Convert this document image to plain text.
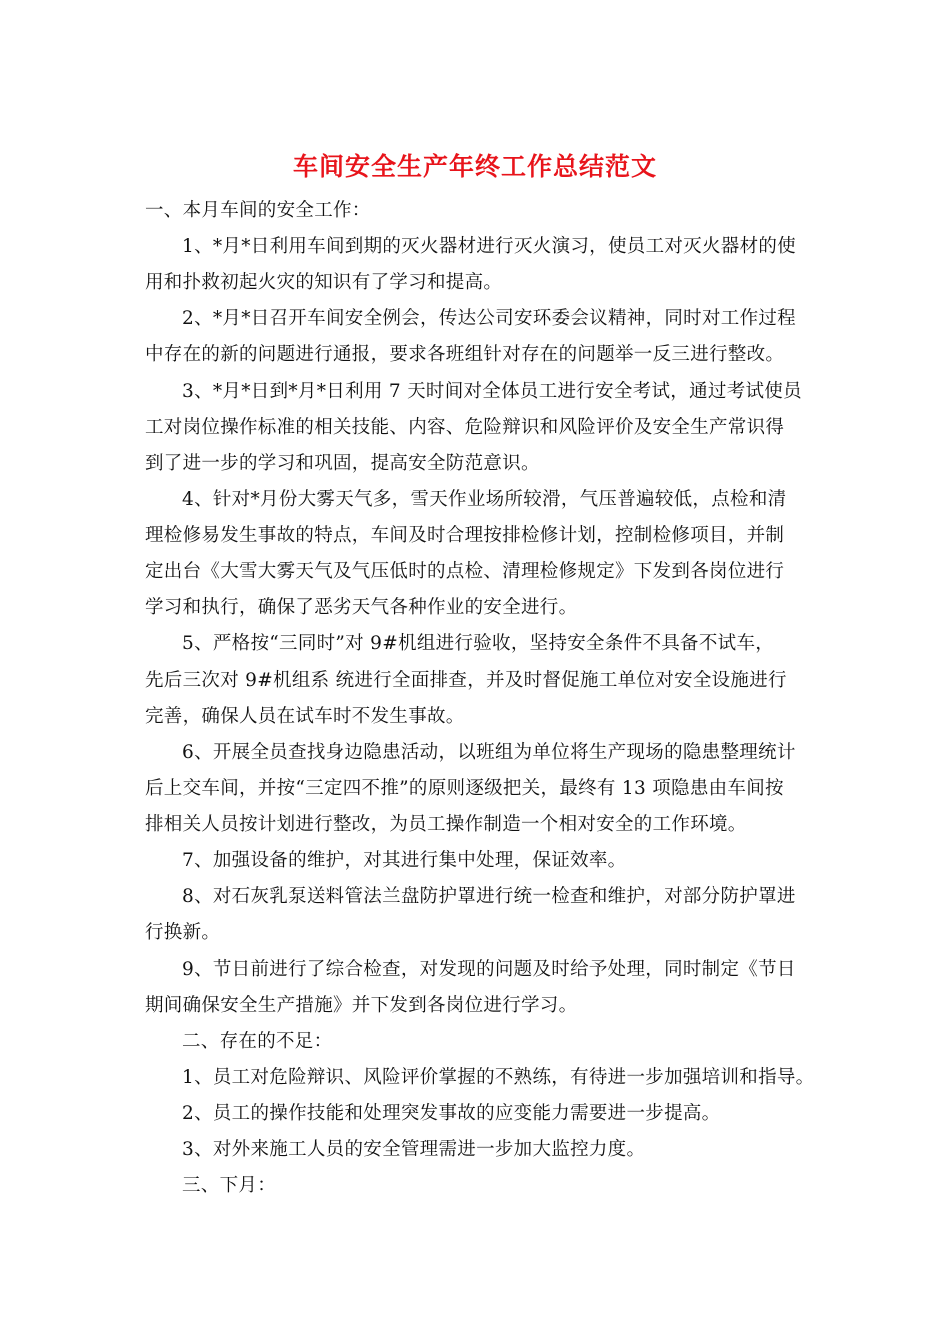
车间安全生产年终工作总结范文
一、本月车间的安全工作：
1、*月*日利用车间到期的灭火器材进行灭火演习，使员工对灭火器材的使
用和扑救初起火灾的知识有了学习和提高。
2、*月*日召开车间安全例会，传达公司安环委会议精神，同时对工作过程
中存在的新的问题进行通报，要求各班组针对存在的问题举一反三进行整改。
3、*月*日到*月*日利用 7 天时间对全体员工进行安全考试，通过考试使员
工对岗位操作标准的相关技能、内容、危险辩识和风险评价及安全生产常识得
到了进一步的学习和巩固，提高安全防范意识。
4、针对*月份大雾天气多，雪天作业场所较滑，气压普遍较低，点检和清
理检修易发生事故的特点，车间及时合理按排检修计划，控制检修项目，并制
定出台《大雪大雾天气及气压低时的点检、清理检修规定》下发到各岗位进行
学习和执行，确保了恶劣天气各种作业的安全进行。
5、严格按“三同时”对 9#机组进行验收，坚持安全条件不具备不试车，
先后三次对 9#机组系 统进行全面排查，并及时督促施工单位对安全设施进行
完善，确保人员在试车时不发生事故。
6、开展全员查找身边隐患活动，以班组为单位将生产现场的隐患整理统计
后上交车间，并按“三定四不推”的原则逐级把关，最终有 13 项隐患由车间按
排相关人员按计划进行整改，为员工操作制造一个相对安全的工作环境。
7、加强设备的维护，对其进行集中处理，保证效率。
8、对石灰乳泵送料管法兰盘防护罩进行统一检查和维护，对部分防护罩进
行换新。
9、节日前进行了综合检查，对发现的问题及时给予处理，同时制定《节日
期间确保安全生产措施》并下发到各岗位进行学习。
二、存在的不足：
1、员工对危险辩识、风险评价掌握的不熟练，有待进一步加强培训和指导。
2、员工的操作技能和处理突发事故的应变能力需要进一步提高。
3、对外来施工人员的安全管理需进一步加大监控力度。
三、下月：
